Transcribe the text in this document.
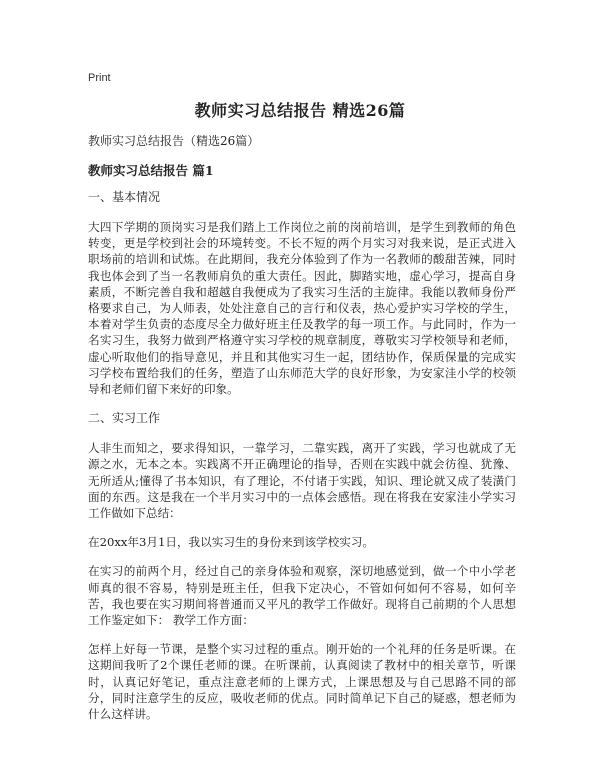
Print
教师实习总结报告 精选26篇
教师实习总结报告（精选26篇）
教师实习总结报告 篇1
一、基本情况
大四下学期的顶岗实习是我们踏上工作岗位之前的岗前培训，是学生到教师的角色转变，更是学校到社会的环境转变。不长不短的两个月实习对我来说，是正式进入职场前的培训和试炼。在此期间，我充分体验到了作为一名教师的酸甜苦辣，同时我也体会到了当一名教师肩负的重大责任。因此，脚踏实地，虚心学习，提高自身素质，不断完善自我和超越自我便成为了我实习生活的主旋律。我能以教师身份严格要求自己，为人师表，处处注意自己的言行和仪表，热心爱护实习学校的学生，本着对学生负责的态度尽全力做好班主任及教学的每一项工作。与此同时，作为一名实习生，我努力做到严格遵守实习学校的规章制度，尊敬实习学校领导和老师，虚心听取他们的指导意见，并且和其他实习生一起，团结协作，保质保量的完成实习学校布置给我们的任务，塑造了山东师范大学的良好形象，为安家洼小学的校领导和老师们留下来好的印象。
二、实习工作
人非生而知之，要求得知识，一靠学习，二靠实践，离开了实践，学习也就成了无源之水，无本之本。实践离不开正确理论的指导，否则在实践中就会彷徨、犹豫、无所适从;懂得了书本知识，有了理论，不付诸于实践，知识、理论就又成了装潢门面的东西。这是我在一个半月实习中的一点体会感悟。现在将我在安家洼小学实习工作做如下总结：
在20xx年3月1日，我以实习生的身份来到该学校实习。
在实习的前两个月，经过自己的亲身体验和观察，深切地感觉到，做一个中小学老师真的很不容易，特别是班主任，但我下定决心，不管如何如何不容易，如何辛苦，我也要在实习期间将普通而又平凡的教学工作做好。现将自己前期的个人思想工作鉴定如下： 教学工作方面：
怎样上好每一节课，是整个实习过程的重点。刚开始的一个礼拜的任务是听课。在这期间我听了2个课任老师的课。在听课前，认真阅读了教材中的相关章节，听课时，认真记好笔记，重点注意老师的上课方式，上课思想及与自己思路不同的部分，同时注意学生的反应，吸收老师的优点。同时简单记下自己的疑惑，想老师为什么这样讲。
